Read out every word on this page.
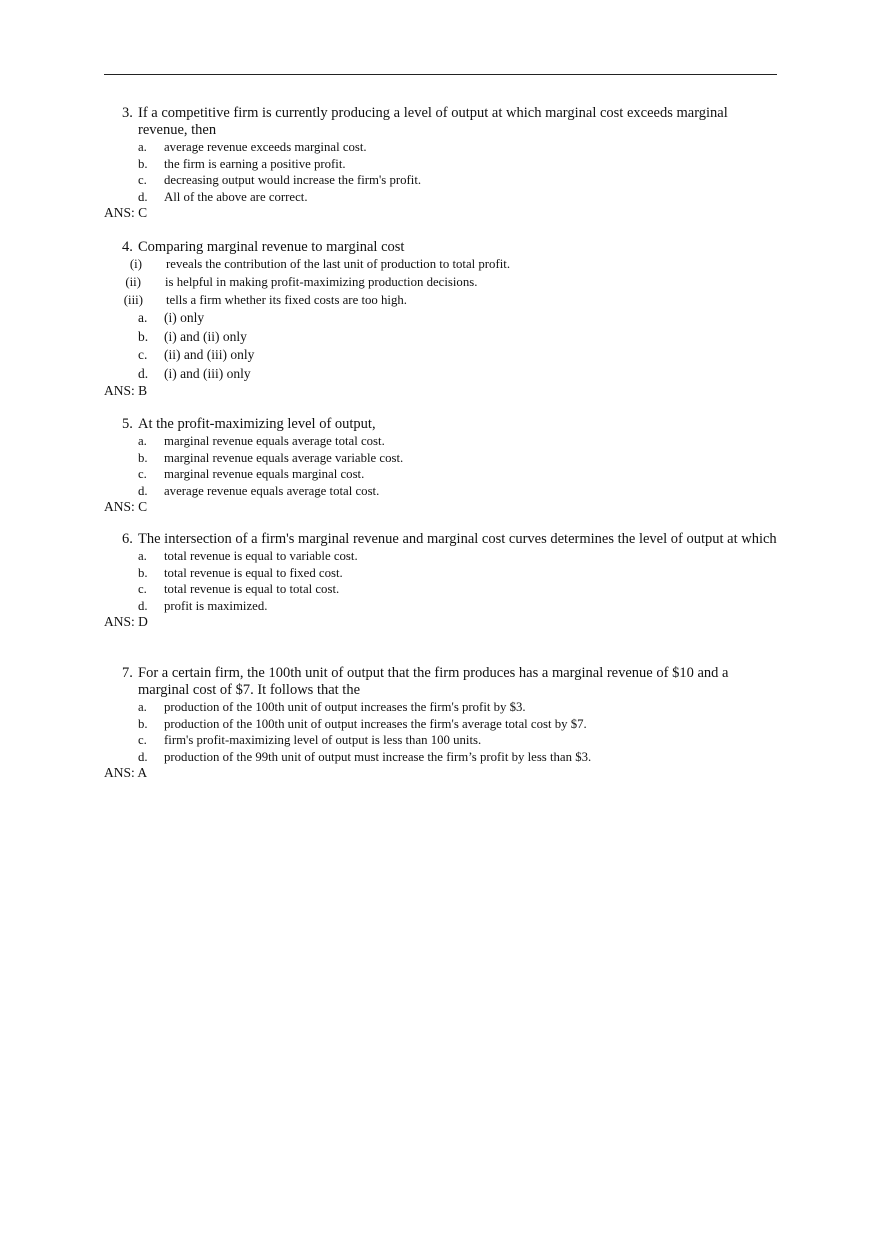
3. If a competitive firm is currently producing a level of output at which marginal cost exceeds marginal revenue, then
a. average revenue exceeds marginal cost.
b. the firm is earning a positive profit.
c. decreasing output would increase the firm's profit.
d. All of the above are correct.
ANS: C
4. Comparing marginal revenue to marginal cost
(i) reveals the contribution of the last unit of production to total profit.
(ii) is helpful in making profit-maximizing production decisions.
(iii) tells a firm whether its fixed costs are too high.
a. (i) only
b. (i) and (ii) only
c. (ii) and (iii) only
d. (i) and (iii) only
ANS: B
5. At the profit-maximizing level of output,
a. marginal revenue equals average total cost.
b. marginal revenue equals average variable cost.
c. marginal revenue equals marginal cost.
d. average revenue equals average total cost.
ANS: C
6. The intersection of a firm's marginal revenue and marginal cost curves determines the level of output at which
a. total revenue is equal to variable cost.
b. total revenue is equal to fixed cost.
c. total revenue is equal to total cost.
d. profit is maximized.
ANS: D
7. For a certain firm, the 100th unit of output that the firm produces has a marginal revenue of $10 and a marginal cost of $7. It follows that the
a. production of the 100th unit of output increases the firm's profit by $3.
b. production of the 100th unit of output increases the firm's average total cost by $7.
c. firm's profit-maximizing level of output is less than 100 units.
d. production of the 99th unit of output must increase the firm’s profit by less than $3.
ANS: A
